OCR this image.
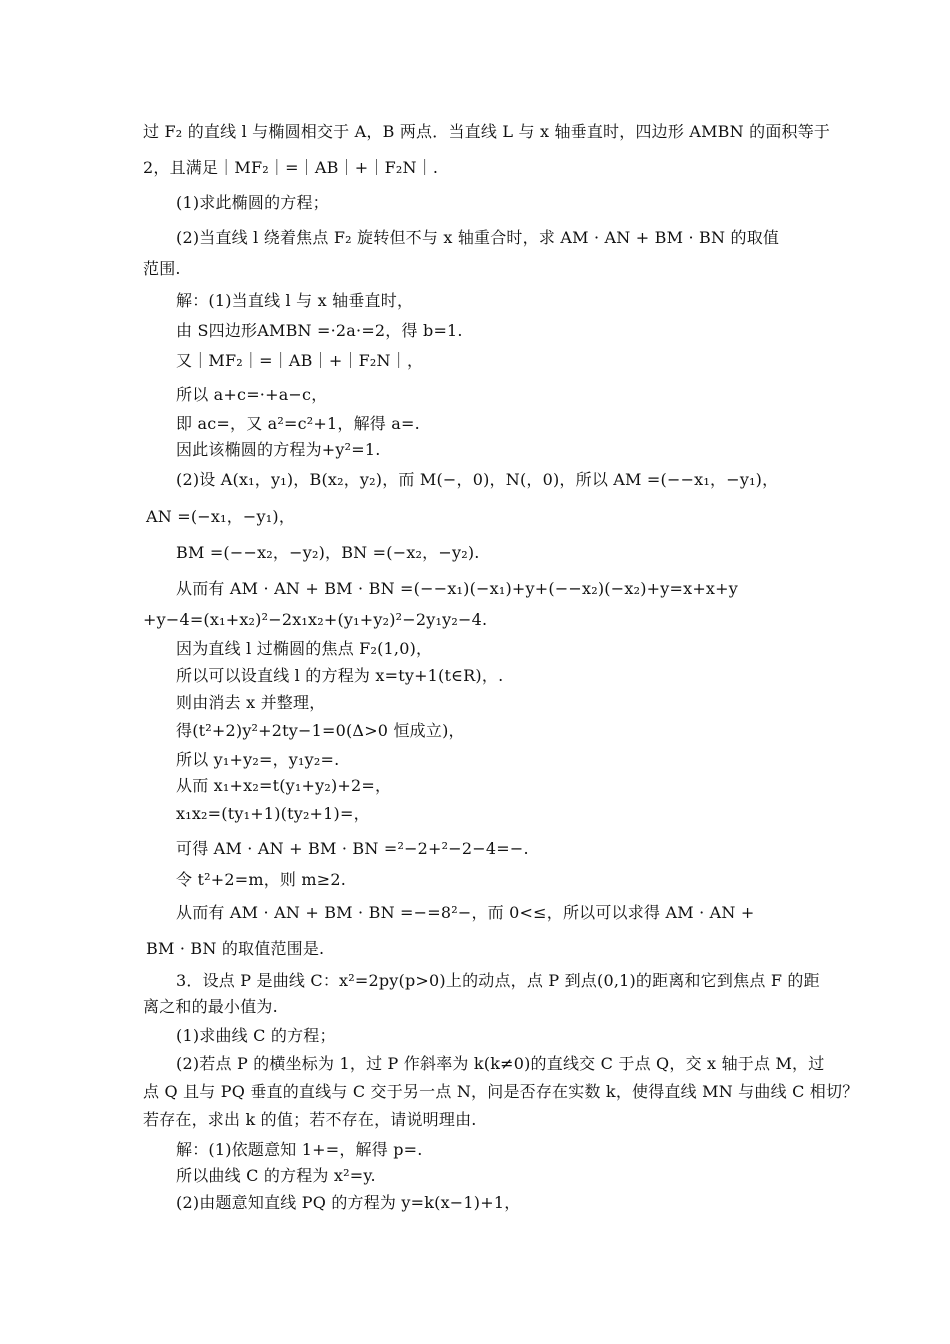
过 F₂ 的直线 l 与椭圆相交于 A，B 两点．当直线 L 与 x 轴垂直时，四边形 AMBN 的面积等于
2，且满足｜MF₂｜=｜AB｜+｜F₂N｜.
(1)求此椭圆的方程；
(2)当直线 l 绕着焦点 F₂ 旋转但不与 x 轴重合时，求 AM · AN + BM · BN 的取值
范围.
解：(1)当直线 l 与 x 轴垂直时，
由 S四边形AMBN =·2a·=2，得 b=1.
又｜MF₂｜=｜AB｜+｜F₂N｜，
所以 a+c=·+a−c，
即 ac=，又 a²=c²+1，解得 a=.
因此该椭圆的方程为+y²=1.
(2)设 A(x₁，y₁)，B(x₂，y₂)，而 M(−，0)，N(，0)，所以 AM =(−−x₁，−y₁)，
AN =(−x₁，−y₁)，
BM =(−−x₂，−y₂)，BN =(−x₂，−y₂).
从而有 AM · AN + BM · BN =(−−x₁)(−x₁)+y+(−−x₂)(−x₂)+y=x+x+y
+y−4=(x₁+x₂)²−2x₁x₂+(y₁+y₂)²−2y₁y₂−4.
因为直线 l 过椭圆的焦点 F₂(1,0)，
所以可以设直线 l 的方程为 x=ty+1(t∈R)，.
则由消去 x 并整理，
得(t²+2)y²+2ty−1=0(Δ>0 恒成立)，
所以 y₁+y₂=，y₁y₂=.
从而 x₁+x₂=t(y₁+y₂)+2=，
x₁x₂=(ty₁+1)(ty₂+1)=，
可得 AM · AN + BM · BN =²−2+²−2−4=−.
令 t²+2=m，则 m≥2.
从而有 AM · AN + BM · BN =−=8²−，而 0<≤，所以可以求得 AM · AN +
BM · BN 的取值范围是.
3．设点 P 是曲线 C：x²=2py(p>0)上的动点，点 P 到点(0,1)的距离和它到焦点 F 的距
离之和的最小值为.
(1)求曲线 C 的方程；
(2)若点 P 的横坐标为 1，过 P 作斜率为 k(k≠0)的直线交 C 于点 Q，交 x 轴于点 M，过
点 Q 且与 PQ 垂直的直线与 C 交于另一点 N，问是否存在实数 k，使得直线 MN 与曲线 C 相切？
若存在，求出 k 的值；若不存在，请说明理由.
解：(1)依题意知 1+=，解得 p=.
所以曲线 C 的方程为 x²=y.
(2)由题意知直线 PQ 的方程为 y=k(x−1)+1，
